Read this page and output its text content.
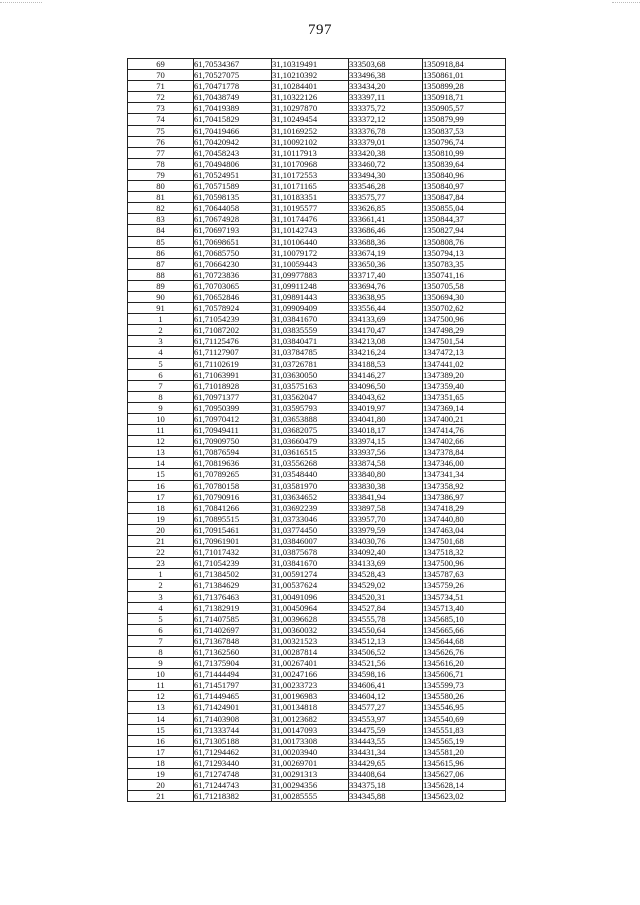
797
69	61,70534367	31,10319491	333503,68	1350918,84
70	61,70527075	31,10210392	333496,38	1350861,01
71	61,70471778	31,10284401	333434,20	1350899,28
72	61,70438749	31,10322126	333397,11	1350918,71
73	61,70419389	31,10297870	333375,72	1350905,57
74	61,70415829	31,10249454	333372,12	1350879,99
75	61,70419466	31,10169252	333376,78	1350837,53
76	61,70420942	31,10092102	333379,01	1350796,74
77	61,70458243	31,10117913	333420,38	1350810,99
78	61,70494806	31,10170968	333460,72	1350839,64
79	61,70524951	31,10172553	333494,30	1350840,96
80	61,70571589	31,10171165	333546,28	1350840,97
81	61,70598135	31,10183351	333575,77	1350847,84
82	61,70644058	31,10195577	333626,85	1350855,04
83	61,70674928	31,10174476	333661,41	1350844,37
84	61,70697193	31,10142743	333686,46	1350827,94
85	61,70698651	31,10106440	333688,36	1350808,76
86	61,70685750	31,10079172	333674,19	1350794,13
87	61,70664230	31,10059443	333650,36	1350783,35
88	61,70723836	31,09977883	333717,40	1350741,16
89	61,70703065	31,09911248	333694,76	1350705,58
90	61,70652846	31,09891443	333638,95	1350694,30
91	61,70578924	31,09909409	333556,44	1350702,62
1	61,71054239	31,03841670	334133,69	1347500,96
2	61,71087202	31,03835559	334170,47	1347498,29
3	61,71125476	31,03840471	334213,08	1347501,54
4	61,71127907	31,03784785	334216,24	1347472,13
5	61,71102619	31,03726781	334188,53	1347441,02
6	61,71063991	31,03630050	334146,27	1347389,20
7	61,71018928	31,03575163	334096,50	1347359,40
8	61,70971377	31,03562047	334043,62	1347351,65
9	61,70950399	31,03595793	334019,97	1347369,14
10	61,70970412	31,03653888	334041,80	1347400,21
11	61,70949411	31,03682075	334018,17	1347414,76
12	61,70909750	31,03660479	333974,15	1347402,66
13	61,70876594	31,03616515	333937,56	1347378,84
14	61,70819636	31,03556268	333874,58	1347346,00
15	61,70789265	31,03548440	333840,80	1347341,34
16	61,70780158	31,03581970	333830,38	1347358,92
17	61,70790916	31,03634652	333841,94	1347386,97
18	61,70841266	31,03692239	333897,58	1347418,29
19	61,70895515	31,03733046	333957,70	1347440,80
20	61,70915461	31,03774450	333979,59	1347463,04
21	61,70961901	31,03846007	334030,76	1347501,68
22	61,71017432	31,03875678	334092,40	1347518,32
23	61,71054239	31,03841670	334133,69	1347500,96
1	61,71384502	31,00591274	334528,43	1345787,63
2	61,71384629	31,00537624	334529,02	1345759,26
3	61,71376463	31,00491096	334520,31	1345734,51
4	61,71382919	31,00450964	334527,84	1345713,40
5	61,71407585	31,00396628	334555,78	1345685,10
6	61,71402697	31,00360032	334550,64	1345665,66
7	61,71367848	31,00321523	334512,13	1345644,68
8	61,71362560	31,00287814	334506,52	1345626,76
9	61,71375904	31,00267401	334521,56	1345616,20
10	61,71444494	31,00247166	334598,16	1345606,71
11	61,71451797	31,00233723	334606,41	1345599,73
12	61,71449465	31,00196983	334604,12	1345580,26
13	61,71424901	31,00134818	334577,27	1345546,95
14	61,71403908	31,00123682	334553,97	1345540,69
15	61,71333744	31,00147093	334475,59	1345551,83
16	61,71305188	31,00173308	334443,55	1345565,19
17	61,71294462	31,00203940	334431,34	1345581,20
18	61,71293440	31,00269701	334429,65	1345615,96
19	61,71274748	31,00291313	334408,64	1345627,06
20	61,71244743	31,00294356	334375,18	1345628,14
21	61,71218382	31,00285555	334345,88	1345623,02
